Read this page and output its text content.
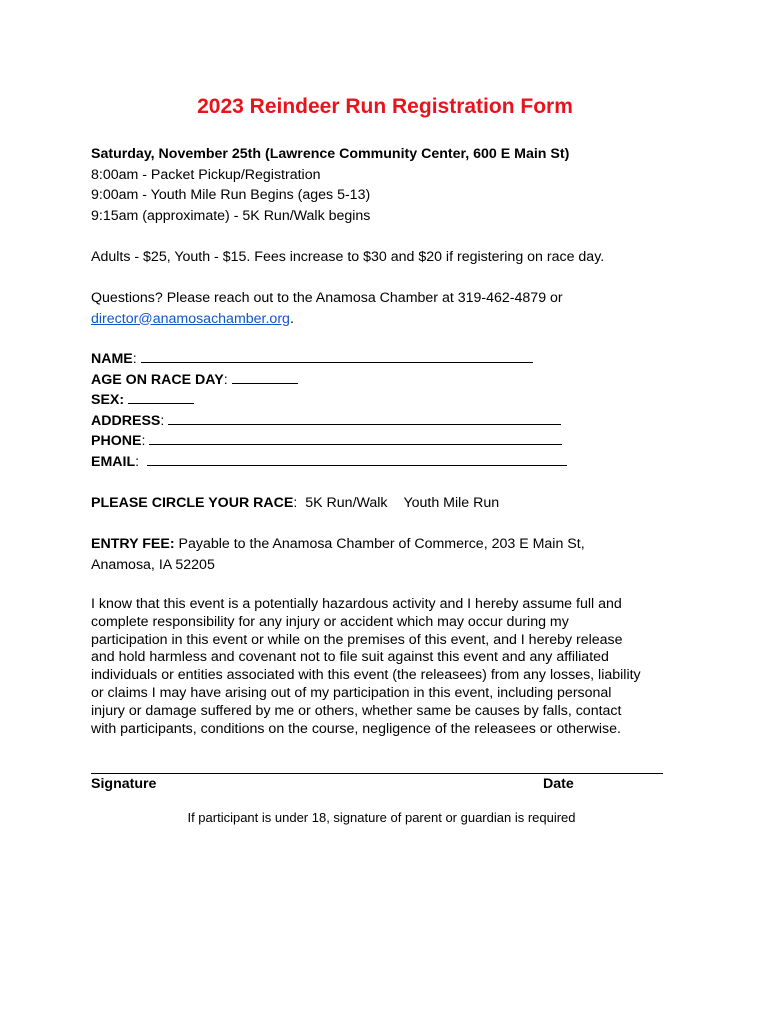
2023 Reindeer Run Registration Form
Saturday, November 25th (Lawrence Community Center, 600 E Main St)
8:00am - Packet Pickup/Registration
9:00am - Youth Mile Run Begins (ages 5-13)
9:15am (approximate) - 5K Run/Walk begins
Adults - $25, Youth - $15. Fees increase to $30 and $20 if registering on race day.
Questions? Please reach out to the Anamosa Chamber at 319-462-4879 or
director@anamosachamber.org.
NAME:
AGE ON RACE DAY:
SEX:
ADDRESS:
PHONE:
EMAIL:
PLEASE CIRCLE YOUR RACE: 5K Run/Walk Youth Mile Run
ENTRY FEE: Payable to the Anamosa Chamber of Commerce, 203 E Main St,
Anamosa, IA 52205
I know that this event is a potentially hazardous activity and I hereby assume full and
complete responsibility for any injury or accident which may occur during my
participation in this event or while on the premises of this event, and I hereby release
and hold harmless and covenant not to file suit against this event and any affiliated
individuals or entities associated with this event (the releasees) from any losses, liability
or claims I may have arising out of my participation in this event, including personal
injury or damage suffered by me or others, whether same be causes by falls, contact
with participants, conditions on the course, negligence of the releasees or otherwise.
Signature	Date
If participant is under 18, signature of parent or guardian is required
